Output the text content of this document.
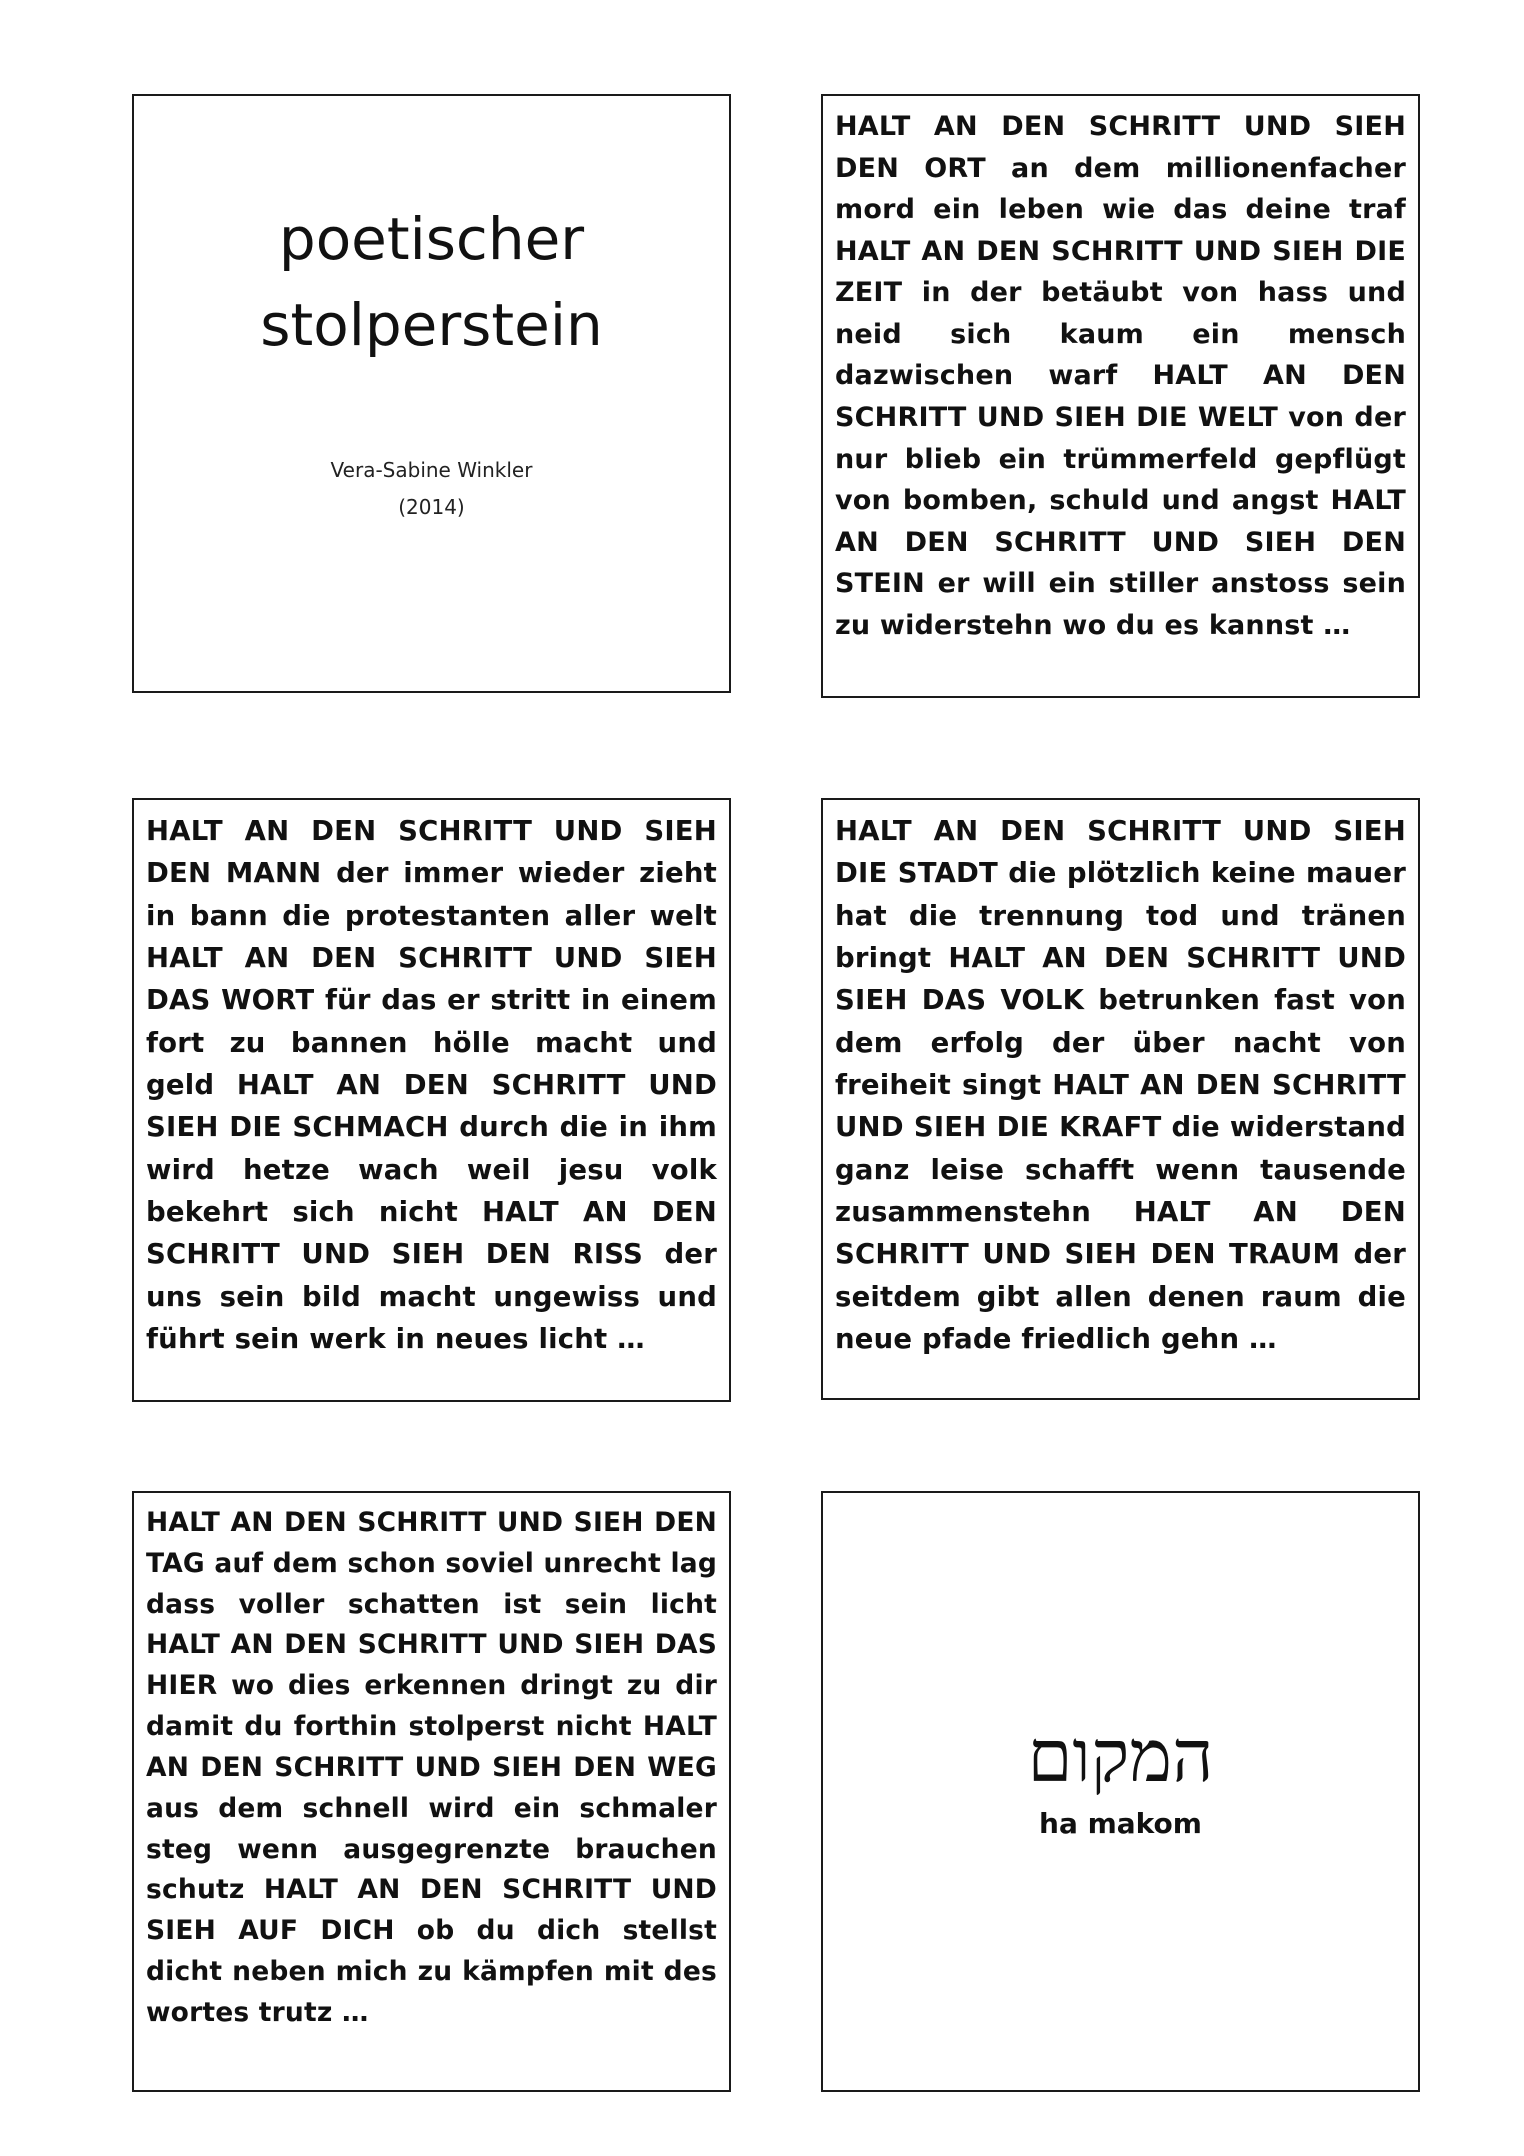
poetischer
stolperstein
Vera-Sabine Winkler
(2014)
HALT AN DEN SCHRITT UND SIEH DEN ORT an dem millionenfacher mord ein leben wie das deine traf HALT AN DEN SCHRITT UND SIEH DIE ZEIT in der betäubt von hass und neid sich kaum ein mensch dazwischen warf HALT AN DEN SCHRITT UND SIEH DIE WELT von der nur blieb ein trümmerfeld gepflügt von bomben, schuld und angst HALT AN DEN SCHRITT UND SIEH DEN STEIN er will ein stiller anstoss sein zu widerstehn wo du es kannst …
HALT AN DEN SCHRITT UND SIEH DEN MANN der immer wieder zieht in bann die protestanten aller welt HALT AN DEN SCHRITT UND SIEH DAS WORT für das er stritt in einem fort zu bannen hölle macht und geld HALT AN DEN SCHRITT UND SIEH DIE SCHMACH durch die in ihm wird hetze wach weil jesu volk bekehrt sich nicht HALT AN DEN SCHRITT UND SIEH DEN RISS der uns sein bild macht ungewiss und führt sein werk in neues licht …
HALT AN DEN SCHRITT UND SIEH DIE STADT die plötzlich keine mauer hat die trennung tod und tränen bringt HALT AN DEN SCHRITT UND SIEH DAS VOLK betrunken fast von dem erfolg der über nacht von freiheit singt HALT AN DEN SCHRITT UND SIEH DIE KRAFT die widerstand ganz leise schafft wenn tausende zusammenstehn HALT AN DEN SCHRITT UND SIEH DEN TRAUM der seitdem gibt allen denen raum die neue pfade friedlich gehn …
HALT AN DEN SCHRITT UND SIEH DEN TAG auf dem schon soviel unrecht lag dass voller schatten ist sein licht HALT AN DEN SCHRITT UND SIEH DAS HIER wo dies erkennen dringt zu dir damit du forthin stolperst nicht HALT AN DEN SCHRITT UND SIEH DEN WEG aus dem schnell wird ein schmaler steg wenn ausgegrenzte brauchen schutz HALT AN DEN SCHRITT UND SIEH AUF DICH ob du dich stellst dicht neben mich zu kämpfen mit des wortes trutz …
המקום
ha makom
